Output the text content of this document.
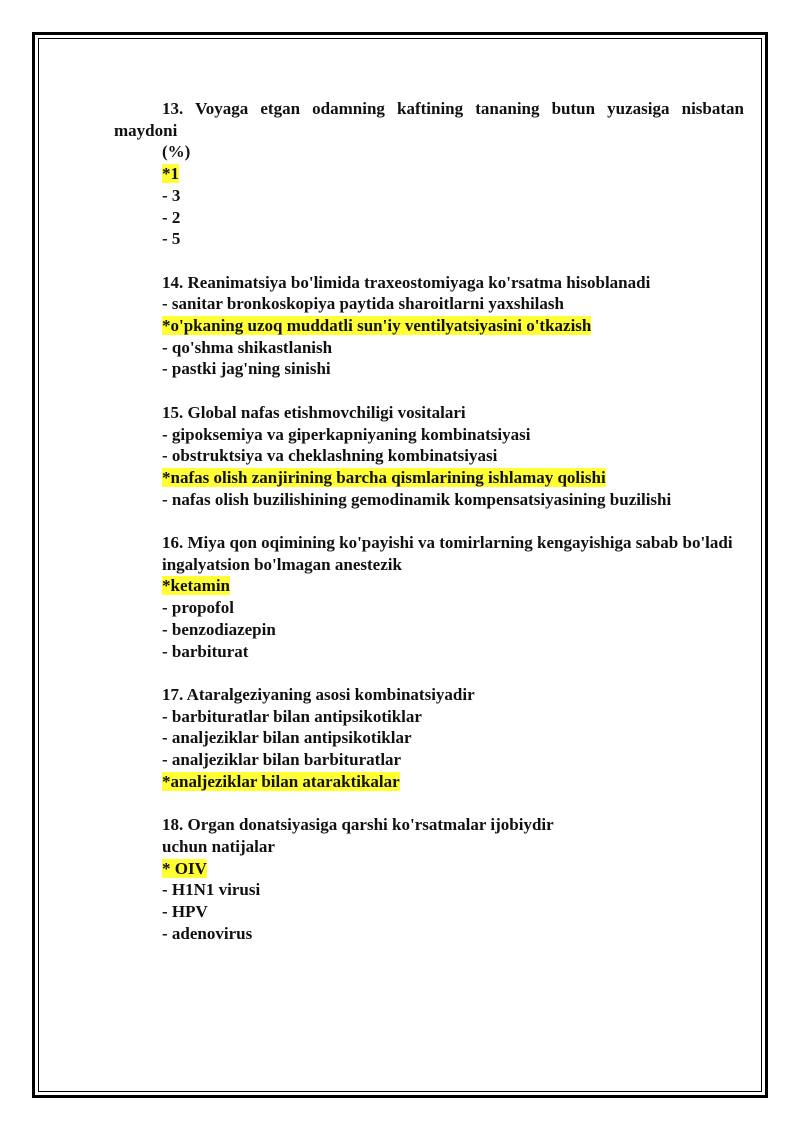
13. Voyaga etgan odamning kaftining tananing butun yuzasiga nisbatan maydoni

(%)
*1
- 3
- 2
- 5
14. Reanimatsiya bo'limida traxeostomiyaga ko'rsatma hisoblanadi
- sanitar bronkoskopiya paytida sharoitlarni yaxshilash
*o'pkaning uzoq muddatli sun'iy ventilyatsiyasini o'tkazish
- qo'shma shikastlanish
- pastki jag'ning sinishi
15. Global nafas etishmovchiligi vositalari
- gipoksemiya va giperkapniyaning kombinatsiyasi
- obstruktsiya va cheklashning kombinatsiyasi
*nafas olish zanjirining barcha qismlarining ishlamay qolishi
- nafas olish buzilishining gemodinamik kompensatsiyasining buzilishi

16. Miya qon oqimining ko'payishi va tomirlarning kengayishiga sabab bo'ladi

ingalyatsion bo'lmagan anestezik
*ketamin
- propofol
- benzodiazepin
- barbiturat
17. Ataralgeziyaning asosi kombinatsiyadir
- barbituratlar bilan antipsikotiklar
- analjeziklar bilan antipsikotiklar
- analjeziklar bilan barbituratlar
*analjeziklar bilan ataraktikalar
18. Organ donatsiyasiga qarshi ko'rsatmalar ijobiydir
uchun natijalar
* OIV
- H1N1 virusi
- HPV
- adenovirus
